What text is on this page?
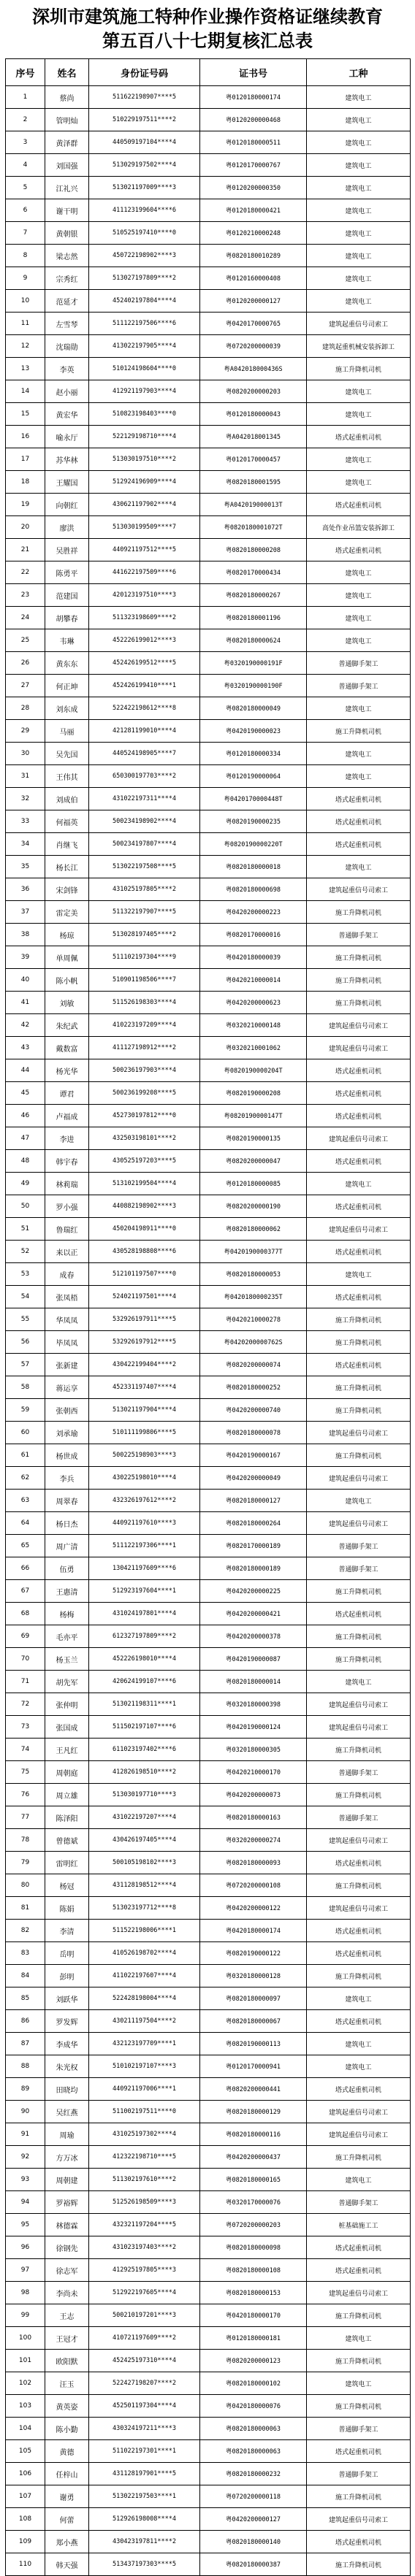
深圳市建筑施工特种作业操作资格证继续教育
第五百八十七期复核汇总表
序号	姓名	身份证号码	证书号	工种
1	蔡尚	511622198907****5	粤0120180000174	建筑电工
2	管明灿	510229197511****2	粤0120200000468	建筑电工
3	黄泽群	440509197104****4	粤0120180000511	建筑电工
4	刘国强	513029197502****4	粤0120170000767	建筑电工
5	江礼兴	513021197009****3	粤0120200000350	建筑电工
6	谢干明	411123199604****6	粤0120180000421	建筑电工
7	黄朝银	510525197410****0	粤0120210000248	建筑电工
8	梁志然	450722198902****3	粤0820180010289	建筑电工
9	宗秀红	513027197809****2	粤0120160000408	建筑电工
10	范延才	452402197804****4	粤0120200000127	建筑电工
11	左雪琴	511122197506****6	粤0420170000765	建筑起重信号司索工
12	沈瑞勋	413022197905****4	粤0720200000039	建筑起重机械安装拆卸工
13	李英	510124198604****0	粤A042018000436S	施工升降机司机
14	赵小丽	412921197903****4	粤0820200000203	建筑电工
15	黄宏华	510823198403****0	粤0120180000043	建筑电工
16	喻永厅	522129198710****4	粤A042018001345	塔式起重机司机
17	苏华林	513030197510****2	粤0120170000457	建筑电工
18	王耀国	512924196909****4	粤0820180001595	建筑电工
19	向朝红	430621197902****4	粤A042019000013T	塔式起重机司机
20	廖洪	513030199509****7	粤0820180001072T	高处作业吊篮安装拆卸工
21	吴胜祥	440921197512****5	粤0820180000208	塔式起重机司机
22	陈勇平	441622197509****6	粤0820170000434	建筑电工
23	范建国	420123197510****3	粤0820180000267	建筑电工
24	胡攀春	511323198609****2	粤0820180001196	建筑电工
25	韦琳	452226199012****3	粤0820180000624	建筑电工
26	黄东东	452426199512****5	粤0320190000191F	普通脚手架工
27	何正坤	452426199410****1	粤0320190000190F	普通脚手架工
28	刘东成	522422198612****8	粤0820180000049	建筑电工
29	马丽	421281199010****4	粤0420190000023	施工升降机司机
30	吴先国	440524198905****7	粤0120180000334	建筑电工
31	王伟其	650300197703****2	粤0120190000064	建筑电工
32	刘成伯	431022197311****4	粤0420170000448T	塔式起重机司机
33	何福英	500234198902****4	粤0820190000235	塔式起重机司机
34	肖继飞	500234197807****4	粤0820190000220T	塔式起重机司机
35	杨长江	513022197508****5	粤0820180000018	建筑电工
36	宋剑锋	431025197805****2	粤0820180000698	建筑起重信号司索工
37	雷定美	511322197907****5	粤0420200000223	施工升降机司机
38	杨琼	513028197405****2	粤0820170000016	普通脚手架工
39	单周佩	511102197304****9	粤0420180000039	施工升降机司机
40	陈小帆	510901198506****7	粤0420210000014	施工升降机司机
41	刘敏	511526198303****4	粤0420200000623	施工升降机司机
42	朱纪武	410223197209****4	粤0320210000148	建筑起重信号司索工
43	戴数富	411127198912****2	粤0320210001062	建筑起重信号司索工
44	杨光华	500236197903****4	粤0820190000204T	塔式起重机司机
45	谭君	500236199208****5	粤0820190000208	塔式起重机司机
46	卢福成	452730197812****0	粤0820190000147T	塔式起重机司机
47	李进	432503198101****2	粤0820190000135	建筑起重信号司索工
48	韩宇春	430525197203****5	粤0820200000047	塔式起重机司机
49	林莉瑞	513102199504****4	粤0120180000085	建筑电工
50	罗小强	440882198902****3	粤0820200000190	塔式起重机司机
51	鲁瑞红	450204198911****0	粤0820180000062	建筑起重信号司索工
52	来以正	430528198808****6	粤0420190000377T	塔式起重机司机
53	成春	512101197507****0	粤0820180000053	建筑电工
54	张凤梧	524021197501****4	粤0420180000235T	塔式起重机司机
55	华凤凤	532926197911****5	粤0420210000278	施工升降机司机
56	毕凤凤	532926197912****5	粤0420200000762S	施工升降机司机
57	张新建	430422199404****2	粤0820200000074	塔式起重机司机
58	蒋运享	452331197407****4	粤0820180000252	施工升降机司机
59	张朝西	513021197904****4	粤0420200000740	施工升降机司机
60	刘承瑜	510111199806****5	粤0820180000078	建筑起重信号司索工
61	杨世成	500225198903****3	粤0420190000167	施工升降机司机
62	李兵	430225198010****4	粤0420200000049	建筑起重信号司索工
63	周翠春	432326197612****2	粤0820180000127	建筑电工
64	杨日杰	440921197610****3	粤0820180000264	建筑起重信号司索工
65	周广清	511122197306****1	粤0820170000189	普通脚手架工
66	伍勇	130421197609****6	粤0820180000189	普通脚手架工
67	王惠清	512923197604****1	粤0420200000225	施工升降机司机
68	杨梅	431024197801****4	粤0420200000421	塔式起重机司机
69	毛亦平	612327197809****2	粤0420200000378	施工升降机司机
70	杨玉兰	452226198010****4	粤0420190000087	施工升降机司机
71	胡先军	420624199107****6	粤0820180000014	建筑电工
72	张仲明	513021198311****1	粤0320180000398	建筑起重信号司索工
73	张国成	511502197107****6	粤0420190000124	建筑起重信号司索工
74	王凡红	611023197402****6	粤0320180000305	施工升降机司机
75	周朝庭	412826198510****2	粤0420210000170	普通脚手架工
76	周立雄	513030197710****3	粤0420200000073	施工升降机司机
77	陈泽阳	431022197207****4	粤0820180000163	普通脚手架工
78	曾德斌	430426197405****4	粤0320200000274	建筑起重信号司索工
79	雷明红	500105198102****3	粤0820180000093	塔式起重机司机
80	杨冠	431128198512****4	粤0720200000108	施工升降机司机
81	陈娟	513023197712****8	粤0420200000122	建筑起重信号司索工
82	李清	511522198006****1	粤0420180000174	塔式起重机司机
83	岳明	410526198702****4	粤0820190000122	塔式起重机司机
84	彭明	411022197607****4	粤0320180000128	施工升降机司机
85	刘跃华	522428198004****4	粤0820180000097	建筑电工
86	罗发辉	430211197504****2	粤0820180000067	塔式起重机司机
87	李成华	432123197709****1	粤0820190000113	建筑电工
88	朱光权	510102197107****3	粤0120170000941	建筑电工
89	田晓均	440921197006****1	粤0820200000441	塔式起重机司机
90	吴红燕	511002197511****0	粤0820180000129	建筑起重信号司索工
91	周瑜	431025197302****4	粤0820180000116	建筑起重信号司索工
92	方万冰	412322198710****5	粤0420200000437	施工升降机司机
93	周朝建	511302197610****2	粤0820180000165	建筑电工
94	罗裕辉	512526198509****3	粤0320170000076	普通脚手架工
95	林德霖	432321197204****5	粤0720200000203	桩基础施工工
96	徐钢先	431023197403****2	粤0820180000098	塔式起重机司机
97	徐志军	412925197805****3	粤0820180000108	塔式起重机司机
98	李尚未	512922197605****4	粤0820180000153	建筑起重信号司索工
99	王志	500210197201****3	粤0420180000170	施工升降机司机
100	王冠才	410721197609****2	粤0120180000181	建筑电工
101	欧阳默	452425197310****4	粤0820200000123	施工升降机司机
102	汪玉	522427198207****2	粤0820180000102	建筑电工
103	黄英姿	452501197304****4	粤0420180000076	施工升降机司机
104	陈小勤	430324197211****3	粤0820180000063	普通脚手架工
105	黄德	511022197301****1	粤0820180000063	塔式起重机司机
106	任梓山	431128197901****5	粤0820180000232	普通脚手架工
107	谢勇	513022197503****1	粤0720200000118	施工升降机司机
108	何蕾	512926198008****4	粤0420200000127	建筑起重信号司索工
109	郑小燕	430423197811****2	粤0820180000140	塔式起重机司机
110	韩天强	513437197303****5	粤0820180000387	施工升降机司机
